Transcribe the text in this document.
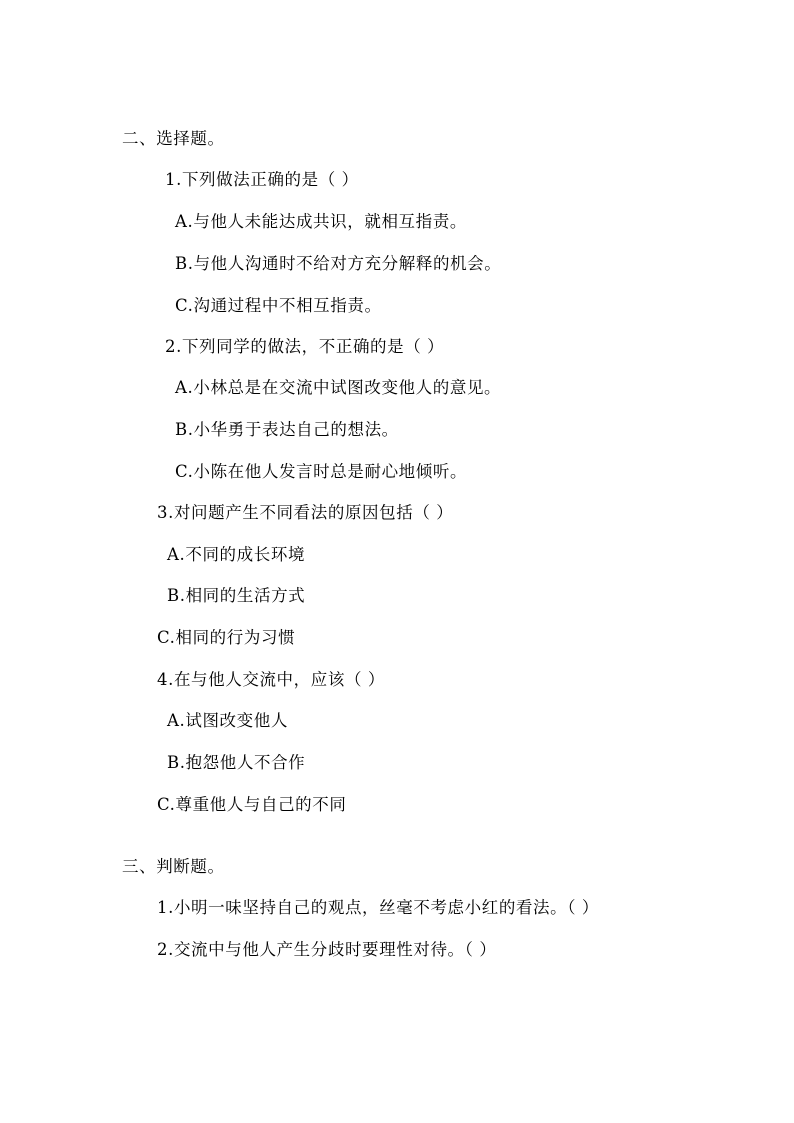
二、选择题。
1.下列做法正确的是（ ）
A.与他人未能达成共识，就相互指责。
B.与他人沟通时不给对方充分解释的机会。
C.沟通过程中不相互指责。
2.下列同学的做法，不正确的是（ ）
A.小林总是在交流中试图改变他人的意见。
B.小华勇于表达自己的想法。
C.小陈在他人发言时总是耐心地倾听。
3.对问题产生不同看法的原因包括（ ）
A.不同的成长环境
B.相同的生活方式
C.相同的行为习惯
4.在与他人交流中，应该（ ）
A.试图改变他人
B.抱怨他人不合作
C.尊重他人与自己的不同
三、判断题。
1.小明一味坚持自己的观点，丝毫不考虑小红的看法。（ ）
2.交流中与他人产生分歧时要理性对待。（ ）
